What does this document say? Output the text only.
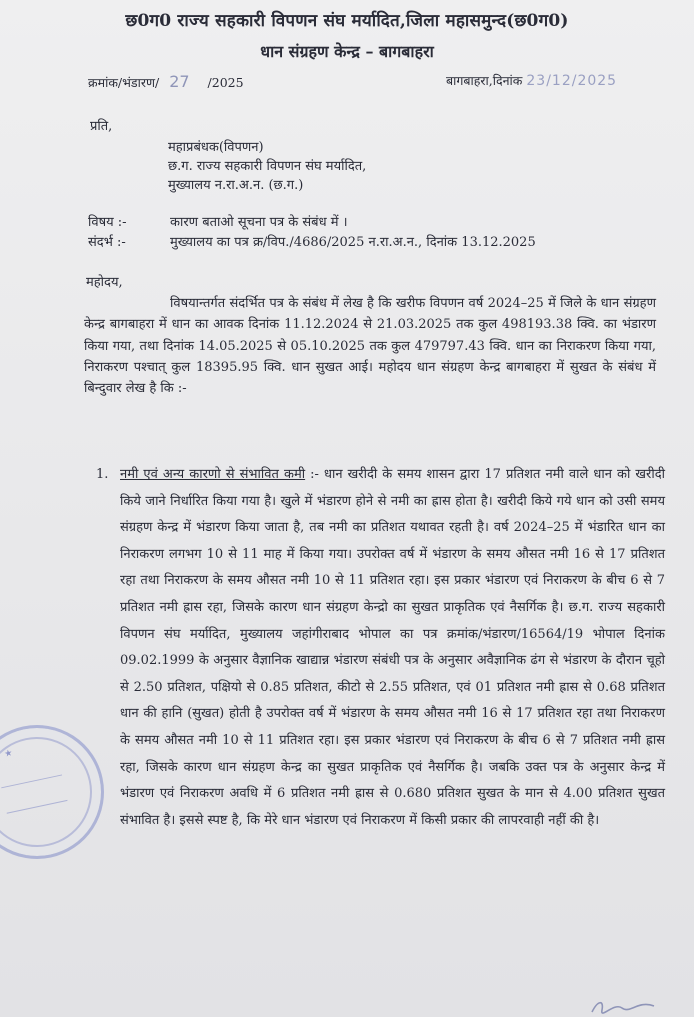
छ0ग0 राज्य सहकारी विपणन संघ मर्यादित,जिला महासमुन्द(छ0ग0)
धान संग्रहण केन्द्र – बागबाहरा
क्रमांक/भंडारण/ 27 /2025	बागबाहरा,दिनांक 23/12/2025
प्रति,
महाप्रबंधक(विपणन)
छ.ग. राज्य सहकारी विपणन संघ मर्यादित,
मुख्यालय न.रा.अ.न. (छ.ग.)
विषय :-	कारण बताओ सूचना पत्र के संबंध में ।
संदर्भ :-	मुख्यालय का पत्र क्र/विप./4686/2025 न.रा.अ.न., दिनांक 13.12.2025
महोदय,
विषयान्तर्गत संदर्भित पत्र के संबंध में लेख है कि खरीफ विपणन वर्ष 2024–25 में जिले के धान संग्रहण केन्द्र बागबाहरा में धान का आवक दिनांक 11.12.2024 से 21.03.2025 तक कुल 498193.38 क्वि. का भंडारण किया गया, तथा दिनांक 14.05.2025 से 05.10.2025 तक कुल 479797.43 क्वि. धान का निराकरण किया गया, निराकरण पश्चात् कुल 18395.95 क्वि. धान सुखत आई। महोदय धान संग्रहण केन्द्र बागबाहरा में सुखत के संबंध में बिन्दुवार लेख है कि :-
1. नमी एवं अन्य कारणो से संभावित कमी :- धान खरीदी के समय शासन द्वारा 17 प्रतिशत नमी वाले धान को खरीदी किये जाने निर्धारित किया गया है। खुले में भंडारण होने से नमी का ह्रास होता है। खरीदी किये गये धान को उसी समय संग्रहण केन्द्र में भंडारण किया जाता है, तब नमी का प्रतिशत यथावत रहती है। वर्ष 2024–25 में भंडारित धान का निराकरण लगभग 10 से 11 माह में किया गया। उपरोक्त वर्ष में भंडारण के समय औसत नमी 16 से 17 प्रतिशत रहा तथा निराकरण के समय औसत नमी 10 से 11 प्रतिशत रहा। इस प्रकार भंडारण एवं निराकरण के बीच 6 से 7 प्रतिशत नमी ह्रास रहा, जिसके कारण धान संग्रहण केन्द्रो का सुखत प्राकृतिक एवं नैसर्गिक है। छ.ग. राज्य सहकारी विपणन संघ मर्यादित, मुख्यालय जहांगीराबाद भोपाल का पत्र क्रमांक/भंडारण/16564/19 भोपाल दिनांक 09.02.1999 के अनुसार वैज्ञानिक खाद्यान्न भंडारण संबंधी पत्र के अनुसार अवैज्ञानिक ढंग से भंडारण के दौरान चूहो से 2.50 प्रतिशत, पक्षियो से 0.85 प्रतिशत, कीटो से 2.55 प्रतिशत, एवं 01 प्रतिशत नमी ह्रास से 0.68 प्रतिशत धान की हानि (सुखत) होती है उपरोक्त वर्ष में भंडारण के समय औसत नमी 16 से 17 प्रतिशत रहा तथा निराकरण के समय औसत नमी 10 से 11 प्रतिशत रहा। इस प्रकार भंडारण एवं निराकरण के बीच 6 से 7 प्रतिशत नमी ह्रास रहा, जिसके कारण धान संग्रहण केन्द्र का सुखत प्राकृतिक एवं नैसर्गिक है। जबकि उक्त पत्र के अनुसार केन्द्र में भंडारण एवं निराकरण अवधि में 6 प्रतिशत नमी ह्रास से 0.680 प्रतिशत सुखत के मान से 4.00 प्रतिशत सुखत संभावित है। इससे स्पष्ट है, कि मेरे धान भंडारण एवं निराकरण में किसी प्रकार की लापरवाही नहीं की है।
★
